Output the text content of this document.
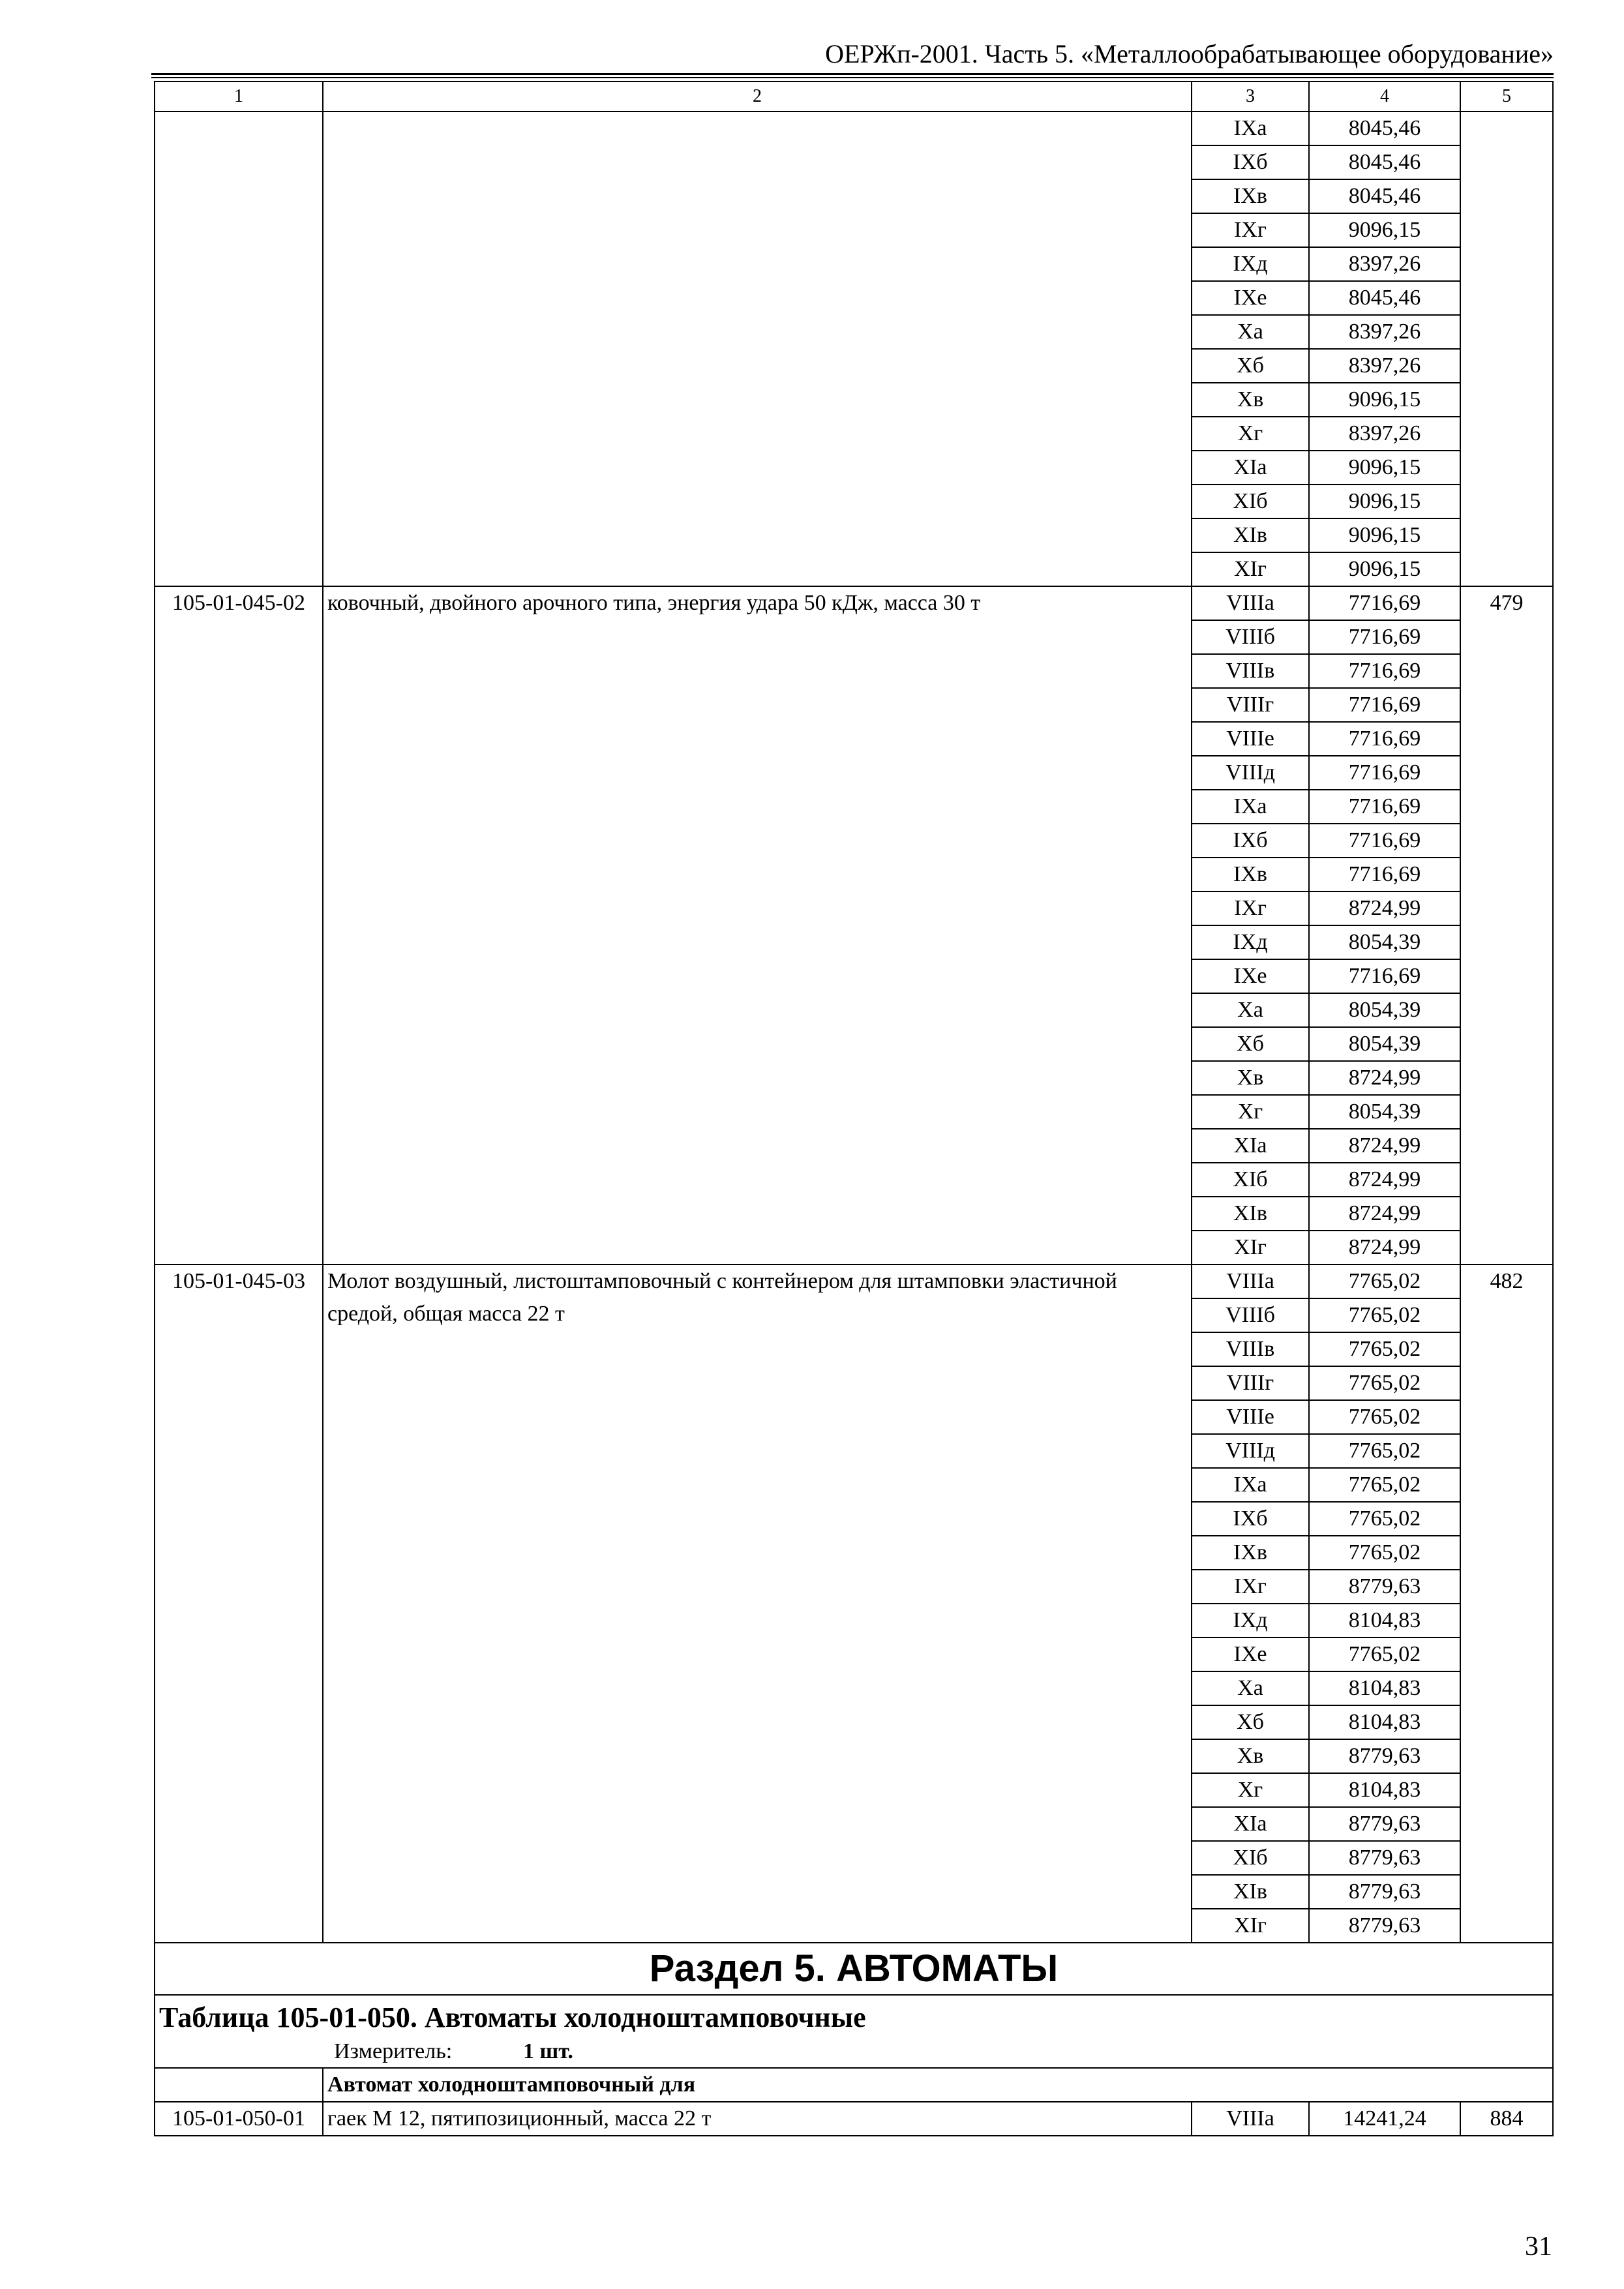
ОЕРЖп-2001. Часть 5. «Металлообрабатывающее оборудование»
1	2	3	4	5
		IXа	8045,46	
		IXб	8045,46	
		IXв	8045,46	
		IXг	9096,15	
		IXд	8397,26	
		IXе	8045,46	
		Xа	8397,26	
		Xб	8397,26	
		Xв	9096,15	
		Xг	8397,26	
		XIа	9096,15	
		XIб	9096,15	
		XIв	9096,15	
		XIг	9096,15	
105-01-045-02	ковочный, двойного арочного типа, энергия удара 50 кДж, масса 30 т	VIIIа	7716,69	479
		VIIIб	7716,69	
		VIIIв	7716,69	
		VIIIг	7716,69	
		VIIIе	7716,69	
		VIIIд	7716,69	
		IXа	7716,69	
		IXб	7716,69	
		IXв	7716,69	
		IXг	8724,99	
		IXд	8054,39	
		IXе	7716,69	
		Xа	8054,39	
		Xб	8054,39	
		Xв	8724,99	
		Xг	8054,39	
		XIа	8724,99	
		XIб	8724,99	
		XIв	8724,99	
		XIг	8724,99	
105-01-045-03	Молот воздушный, листоштамповочный с контейнером для штамповки эластичной средой, общая масса 22 т	VIIIа	7765,02	482
		VIIIб	7765,02	
		VIIIв	7765,02	
		VIIIг	7765,02	
		VIIIе	7765,02	
		VIIIд	7765,02	
		IXа	7765,02	
		IXб	7765,02	
		IXв	7765,02	
		IXг	8779,63	
		IXд	8104,83	
		IXе	7765,02	
		Xа	8104,83	
		Xб	8104,83	
		Xв	8779,63	
		Xг	8104,83	
		XIа	8779,63	
		XIб	8779,63	
		XIв	8779,63	
		XIг	8779,63	
Раздел 5. АВТОМАТЫ				

Таблица 105-01-050. Автоматы холодноштамповочные
Измеритель: 1 шт.				

	Автомат холодноштамповочный для			
105-01-050-01	гаек М 12, пятипозиционный, масса 22 т	VIIIа	14241,24	884
31
